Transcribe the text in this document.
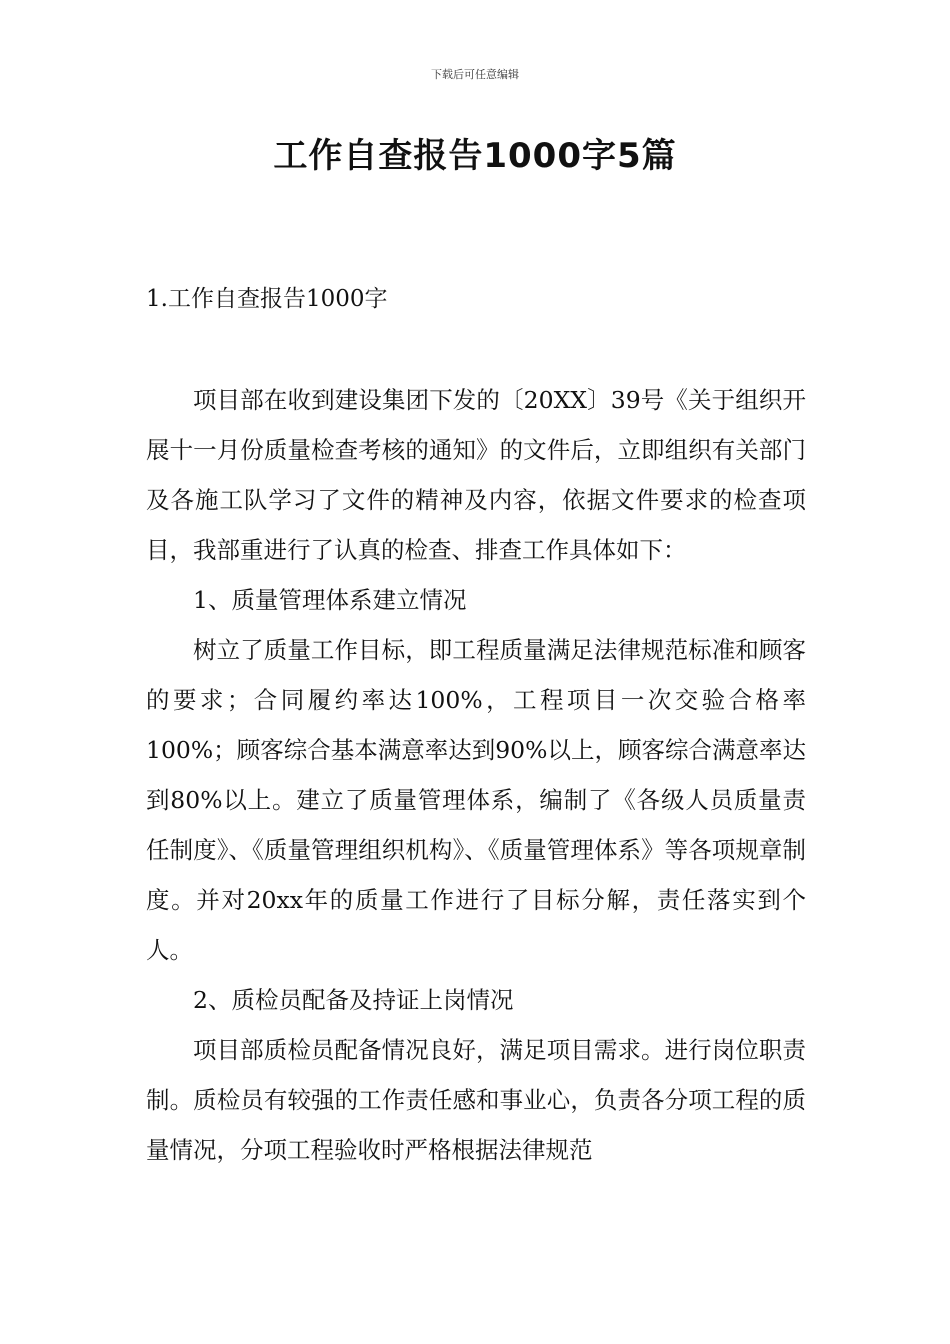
下载后可任意编辑
工作自查报告1000字5篇
1.工作自查报告1000字

项目部在收到建设集团下发的〔20XX〕39号《关于组织开展十一月份质量检查考核的通知》的文件后，立即组织有关部门及各施工队学习了文件的精神及内容，依据文件要求的检查项目，我部重进行了认真的检查、排查工作具体如下：

1、质量管理体系建立情况

树立了质量工作目标，即工程质量满足法律规范标准和顾客的要求；合同履约率达100%，工程项目一次交验合格率100%；顾客综合基本满意率达到90%以上，顾客综合满意率达到80%以上。建立了质量管理体系，编制了《各级人员质量责任制度》、《质量管理组织机构》、《质量管理体系》等各项规章制度。并对20xx年的质量工作进行了目标分解，责任落实到个人。

2、质检员配备及持证上岗情况

项目部质检员配备情况良好，满足项目需求。进行岗位职责制。质检员有较强的工作责任感和事业心，负责各分项工程的质量情况，分项工程验收时严格根据法律规范
